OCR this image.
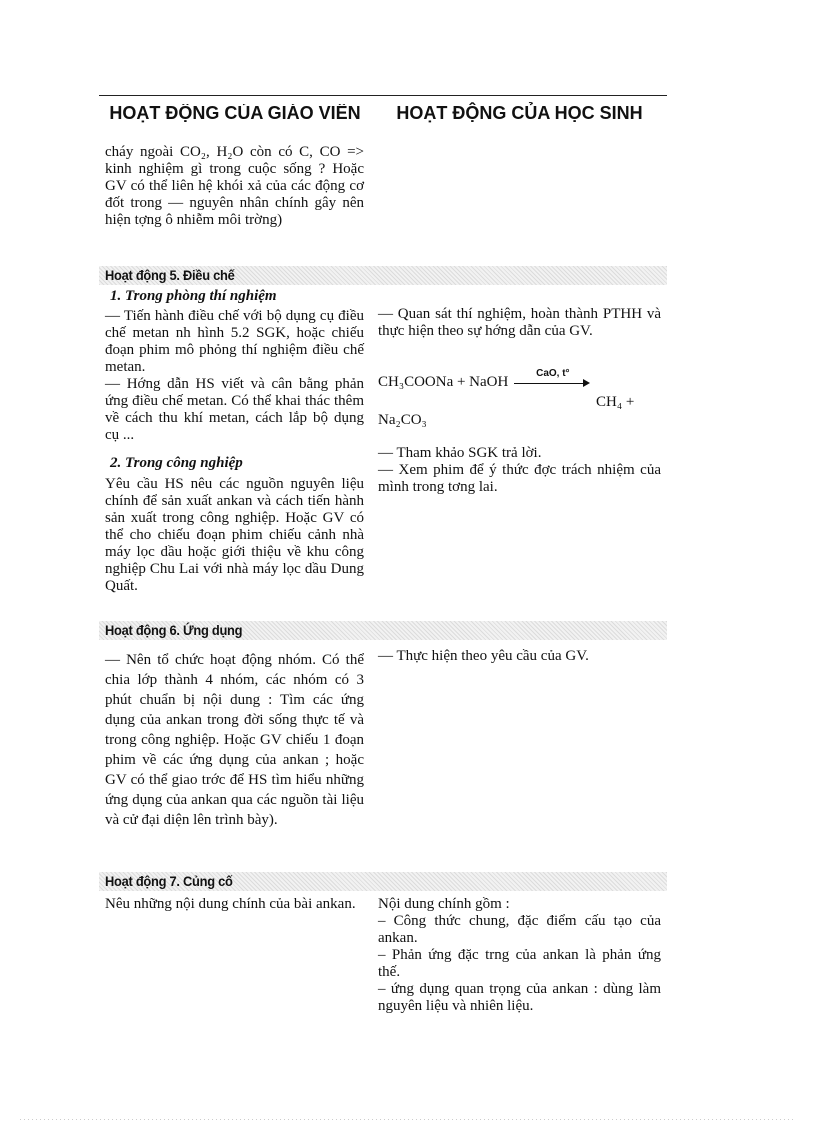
HOẠT ĐỘNG CỦA GIÁO VIÊN	HOẠT ĐỘNG CỦA HỌC SINH

cháy ngoài CO₂, H₂O còn có C, CO => kinh nghiệm gì trong cuộc sống ? Hoặc GV có thể liên hệ khói xả của các động cơ đốt trong — nguyên nhân chính gây nên hiện tợng ô nhiễm môi trờng)

Hoạt động 5. Điều chế
1. Trong phòng thí nghiệm

— Tiến hành điều chế với bộ dụng cụ điều chế metan nh hình 5.2 SGK, hoặc chiếu đoạn phim mô phỏng thí nghiệm điều chế metan.

— Hớng dẫn HS viết và cân bằng phản ứng điều chế metan. Có thể khai thác thêm về cách thu khí metan, cách lắp bộ dụng cụ ...

2. Trong công nghiệp

Yêu cầu HS nêu các nguồn nguyên liệu chính để sản xuất ankan và cách tiến hành sản xuất trong công nghiệp. Hoặc GV có thể cho chiếu đoạn phim chiếu cảnh nhà máy lọc dầu hoặc giới thiệu về khu công nghiệp Chu Lai với nhà máy lọc dầu Dung Quất.

— Quan sát thí nghiệm, hoàn thành PTHH và thực hiện theo sự hớng dẫn của GV.

CH₃COONa + NaOH
CaO, t°
CH₄ +
Na₂CO₃

— Tham khảo SGK trả lời.

— Xem phim để ý thức đợc trách nhiệm của mình trong tơng lai.

Hoạt động 6. Ứng dụng

— Nên tổ chức hoạt động nhóm. Có thể chia lớp thành 4 nhóm, các nhóm có 3 phút chuẩn bị nội dung : Tìm các ứng dụng của ankan trong đời sống thực tế và trong công nghiệp. Hoặc GV chiếu 1 đoạn phim về các ứng dụng của ankan ; hoặc GV có thể giao trớc để HS tìm hiểu những ứng dụng của ankan qua các nguồn tài liệu và cử đại diện lên trình bày).

— Thực hiện theo yêu cầu của GV.

Hoạt động 7. Củng cố

Nêu những nội dung chính của bài ankan.	Nội dung chính gồm :

– Công thức chung, đặc điểm cấu tạo của ankan.

– Phản ứng đặc trng của ankan là phản ứng thế.

– ứng dụng quan trọng của ankan : dùng làm nguyên liệu và nhiên liệu.
